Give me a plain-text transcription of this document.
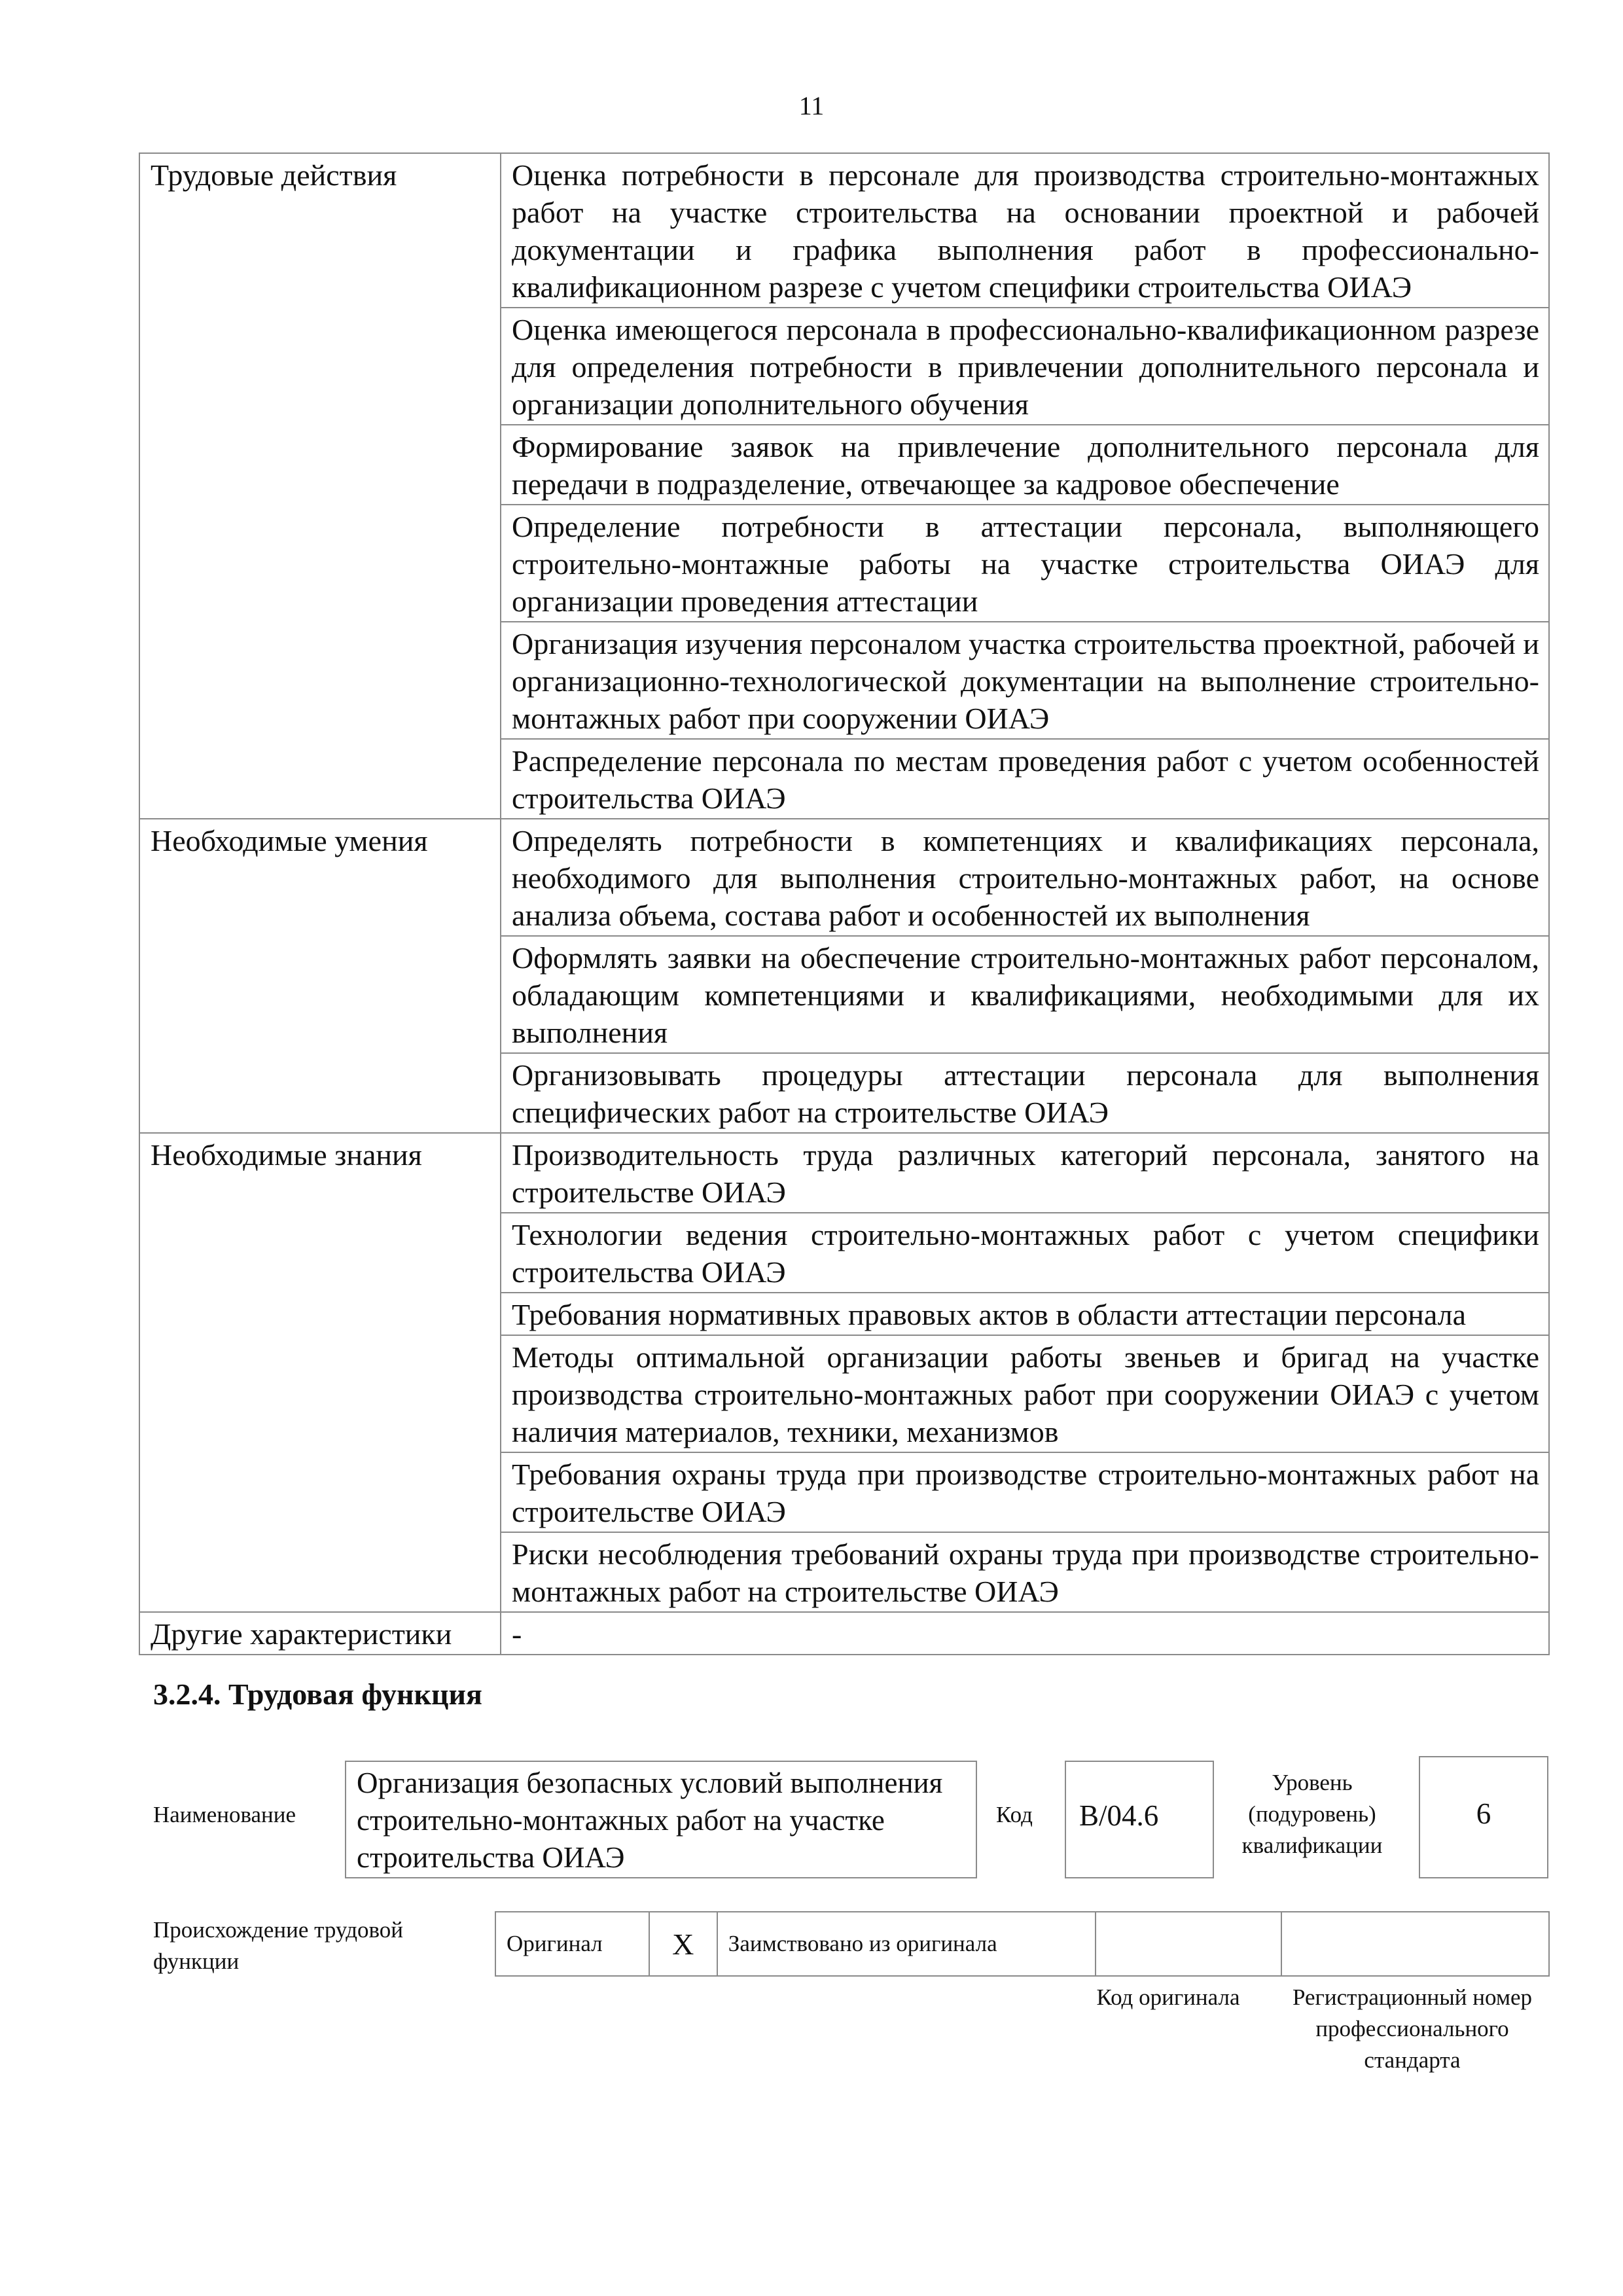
11
Трудовые действия	Оценка потребности в персонале для производства строительно-монтажных работ на участке строительства на основании проектной и рабочей документации и графика выполнения работ в профессионально-квалификационном разрезе с учетом специфики строительства ОИАЭ
	Оценка имеющегося персонала в профессионально-квалификационном разрезе для определения потребности в привлечении дополнительного персонала и организации дополнительного обучения
	Формирование заявок на привлечение дополнительного персонала для передачи в подразделение, отвечающее за кадровое обеспечение
	Определение потребности в аттестации персонала, выполняющего строительно-монтажные работы на участке строительства ОИАЭ для организации проведения аттестации
	Организация изучения персоналом участка строительства проектной, рабочей и организационно-технологической документации на выполнение строительно-монтажных работ при сооружении ОИАЭ
	Распределение персонала по местам проведения работ с учетом особенностей строительства ОИАЭ
Необходимые умения	Определять потребности в компетенциях и квалификациях персонала, необходимого для выполнения строительно-монтажных работ, на основе анализа объема, состава работ и особенностей их выполнения
	Оформлять заявки на обеспечение строительно-монтажных работ персоналом, обладающим компетенциями и квалификациями, необходимыми для их выполнения
	Организовывать процедуры аттестации персонала для выполнения специфических работ на строительстве ОИАЭ
Необходимые знания	Производительность труда различных категорий персонала, занятого на строительстве ОИАЭ
	Технологии ведения строительно-монтажных работ с учетом специфики строительства ОИАЭ
	Требования нормативных правовых актов в области аттестации персонала
	Методы оптимальной организации работы звеньев и бригад на участке производства строительно-монтажных работ при сооружении ОИАЭ с учетом наличия материалов, техники, механизмов
	Требования охраны труда при производстве строительно-монтажных работ на строительстве ОИАЭ
	Риски несоблюдения требований охраны труда при производстве строительно-монтажных работ на строительстве ОИАЭ
Другие характеристики	-
3.2.4. Трудовая функция
Наименование
Организация безопасных условий выполнения строительно-монтажных работ на участке строительства ОИАЭ
Код	В/04.6
Уровень (подуровень) квалификации
6
Происхождение трудовой функции
Оригинал	X	Заимствовано из оригинала		
Код оригинала	Регистрационный номер профессионального стандарта
